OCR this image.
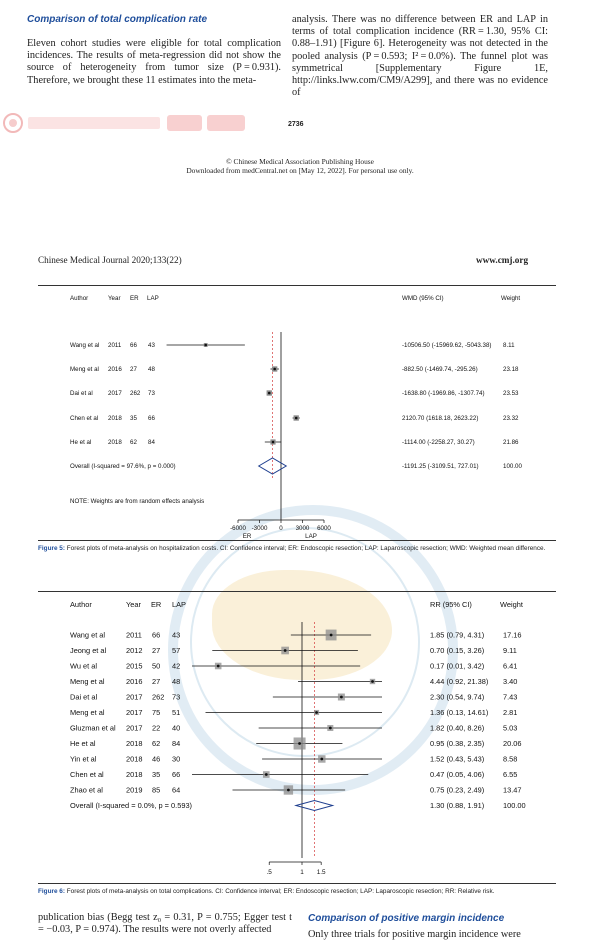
Comparison of total complication rate

Eleven cohort studies were eligible for total complication incidences. The results of meta-regression did not show the source of heterogeneity from tumor size (P = 0.931). Therefore, we brought these 11 estimates into the meta-

analysis. There was no difference between ER and LAP in terms of total complication incidence (RR = 1.30, 95% CI: 0.88–1.91) [Figure 6]. Heterogeneity was not detected in the pooled analysis (P = 0.593; I² = 0.0%). The funnel plot was symmetrical [Supplementary Figure 1E, http://links.lww.com/CM9/A299], and there was no evidence of

2736
© Chinese Medical Association Publishing House
Downloaded from medCentral.net on [May 12, 2022]. For personal use only.
Chinese Medical Journal 2020;133(22)	www.cmj.org
Author	Year ER LAP	WMD (95% CI)	Weight
Wang et al 2011 66 43	-10506.50 (-15969.62, -5043.38) 8.11
Meng et al 2016 27 48	-882.50 (-1469.74, -295.26)	23.18
Dai et al 2017 262 73	-1638.80 (-1969.86, -1307.74)	23.53
Chen et al 2018 35 66	2120.70 (1618.18, 2623.22)	23.32
He et al	2018 62 84	-1114.00 (-2258.27, 30.27)	21.86
Overall (I-squared = 97.6%, p = 0.000)	-1191.25 (-3109.51, 727.01)	100.00
-6000 -3000 0 3000 6000
ER	LAP
NOTE: Weights are from random effects analysis
Figure 5: Forest plots of meta-analysis on hospitalization costs. CI: Confidence interval; ER: Endoscopic resection; LAP: Laparoscopic resection; WMD: Weighted mean difference.
Author	Year ER LAP	RR (95% CI)	Weight
Wang et al	2011 66 43	1.85 (0.79, 4.31)	17.16
Jeong et al	2012 27 57	0.70 (0.15, 3.26)	9.11
Wu et al	2015 50 42	0.17 (0.01, 3.42)	6.41
Meng et al	2016 27 48	4.44 (0.92, 21.38) 3.40
Dai et al	2017 262 73	2.30 (0.54, 9.74)	7.43
Meng et al	2017 75 51	1.36 (0.13, 14.61) 2.81
Gluzman et al 2017 22 40	1.82 (0.40, 8.26)	5.03
He et al	2018 62 84	0.95 (0.38, 2.35)	20.06
Yin et al	2018 46 30	1.52 (0.43, 5.43)	8.58
Chen et al	2018 35 66	0.47 (0.05, 4.06)	6.55
Zhao et al	2019 85 64	0.75 (0.23, 2.49)	13.47
Overall (I-squared = 0.0%, p = 0.593)	1.30 (0.88, 1.91)	100.00
.5	1 1.5
Figure 6: Forest plots of meta-analysis on total complications. CI: Confidence interval; ER: Endoscopic resection; LAP: Laparoscopic resection; RR: Relative risk.

publication bias (Begg test z₀ = 0.31, P = 0.755; Egger test t = −0.03, P = 0.974). The results were not overly affected

Comparison of positive margin incidence

Only three trials for positive margin incidence were
